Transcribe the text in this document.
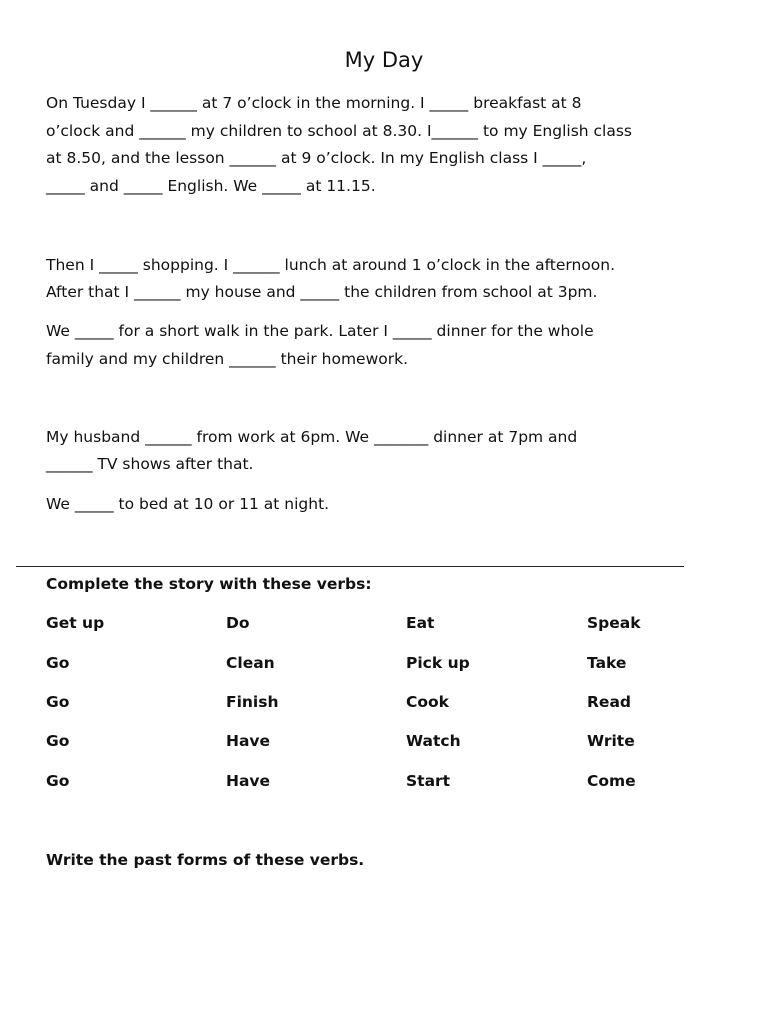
My Day
On Tuesday I ______ at 7 o’clock in the morning. I _____ breakfast at 8
o’clock and ______ my children to school at 8.30. I______ to my English class
at 8.50, and the lesson ______ at 9 o’clock. In my English class I _____,
_____ and _____ English. We _____ at 11.15.
Then I _____ shopping. I ______ lunch at around 1 o’clock in the afternoon.
After that I ______ my house and _____ the children from school at 3pm.
We _____ for a short walk in the park. Later I _____ dinner for the whole
family and my children ______ their homework.
My husband ______ from work at 6pm. We _______ dinner at 7pm and
______ TV shows after that.
We _____ to bed at 10 or 11 at night.
Complete the story with these verbs:
Get up	Do	Eat	Speak
Go	Clean	Pick up	Take
Go	Finish	Cook	Read
Go	Have	Watch	Write
Go	Have	Start	Come
Write the past forms of these verbs.
